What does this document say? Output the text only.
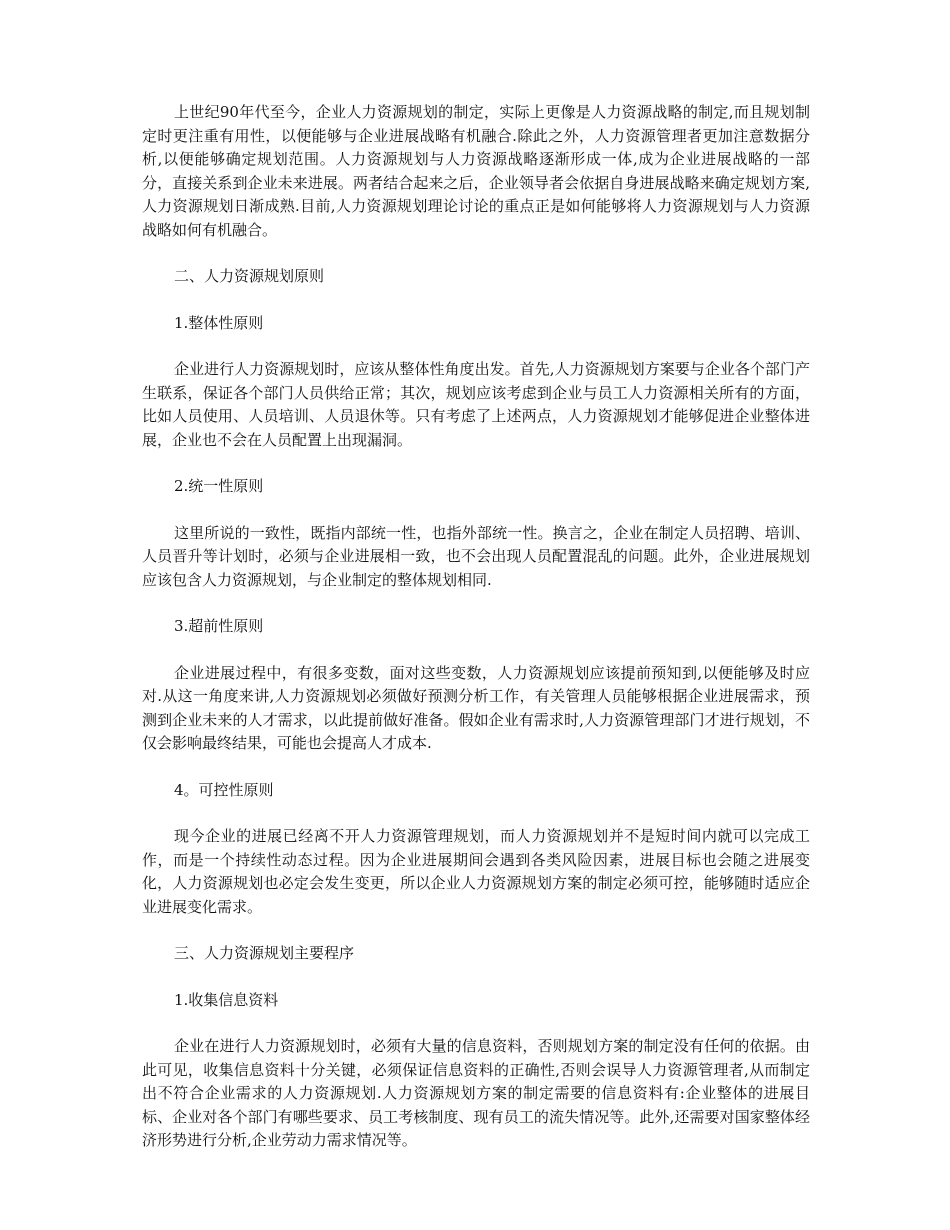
上世纪90年代至今，企业人力资源规划的制定，实际上更像是人力资源战略的制定,而且规划制定时更注重有用性，以便能够与企业进展战略有机融合.除此之外，人力资源管理者更加注意数据分析,以便能够确定规划范围。人力资源规划与人力资源战略逐渐形成一体,成为企业进展战略的一部分，直接关系到企业未来进展。两者结合起来之后，企业领导者会依据自身进展战略来确定规划方案,人力资源规划日渐成熟.目前,人力资源规划理论讨论的重点正是如何能够将人力资源规划与人力资源战略如何有机融合。

二、人力资源规划原则

1.整体性原则

企业进行人力资源规划时，应该从整体性角度出发。首先,人力资源规划方案要与企业各个部门产生联系，保证各个部门人员供给正常；其次，规划应该考虑到企业与员工人力资源相关所有的方面，比如人员使用、人员培训、人员退休等。只有考虑了上述两点，人力资源规划才能够促进企业整体进展，企业也不会在人员配置上出现漏洞。

2.统一性原则

这里所说的一致性，既指内部统一性，也指外部统一性。换言之，企业在制定人员招聘、培训、人员晋升等计划时，必须与企业进展相一致，也不会出现人员配置混乱的问题。此外，企业进展规划应该包含人力资源规划，与企业制定的整体规划相同.

3.超前性原则

企业进展过程中，有很多变数，面对这些变数，人力资源规划应该提前预知到,以便能够及时应对.从这一角度来讲,人力资源规划必须做好预测分析工作，有关管理人员能够根据企业进展需求，预测到企业未来的人才需求，以此提前做好准备。假如企业有需求时,人力资源管理部门才进行规划，不仅会影响最终结果，可能也会提高人才成本.

4。可控性原则

现今企业的进展已经离不开人力资源管理规划，而人力资源规划并不是短时间内就可以完成工作，而是一个持续性动态过程。因为企业进展期间会遇到各类风险因素，进展目标也会随之进展变化，人力资源规划也必定会发生变更，所以企业人力资源规划方案的制定必须可控，能够随时适应企业进展变化需求。

三、人力资源规划主要程序

1.收集信息资料

企业在进行人力资源规划时，必须有大量的信息资料，否则规划方案的制定没有任何的依据。由此可见，收集信息资料十分关键，必须保证信息资料的正确性,否则会误导人力资源管理者,从而制定出不符合企业需求的人力资源规划.人力资源规划方案的制定需要的信息资料有:企业整体的进展目标、企业对各个部门有哪些要求、员工考核制度、现有员工的流失情况等。此外,还需要对国家整体经济形势进行分析,企业劳动力需求情况等。
